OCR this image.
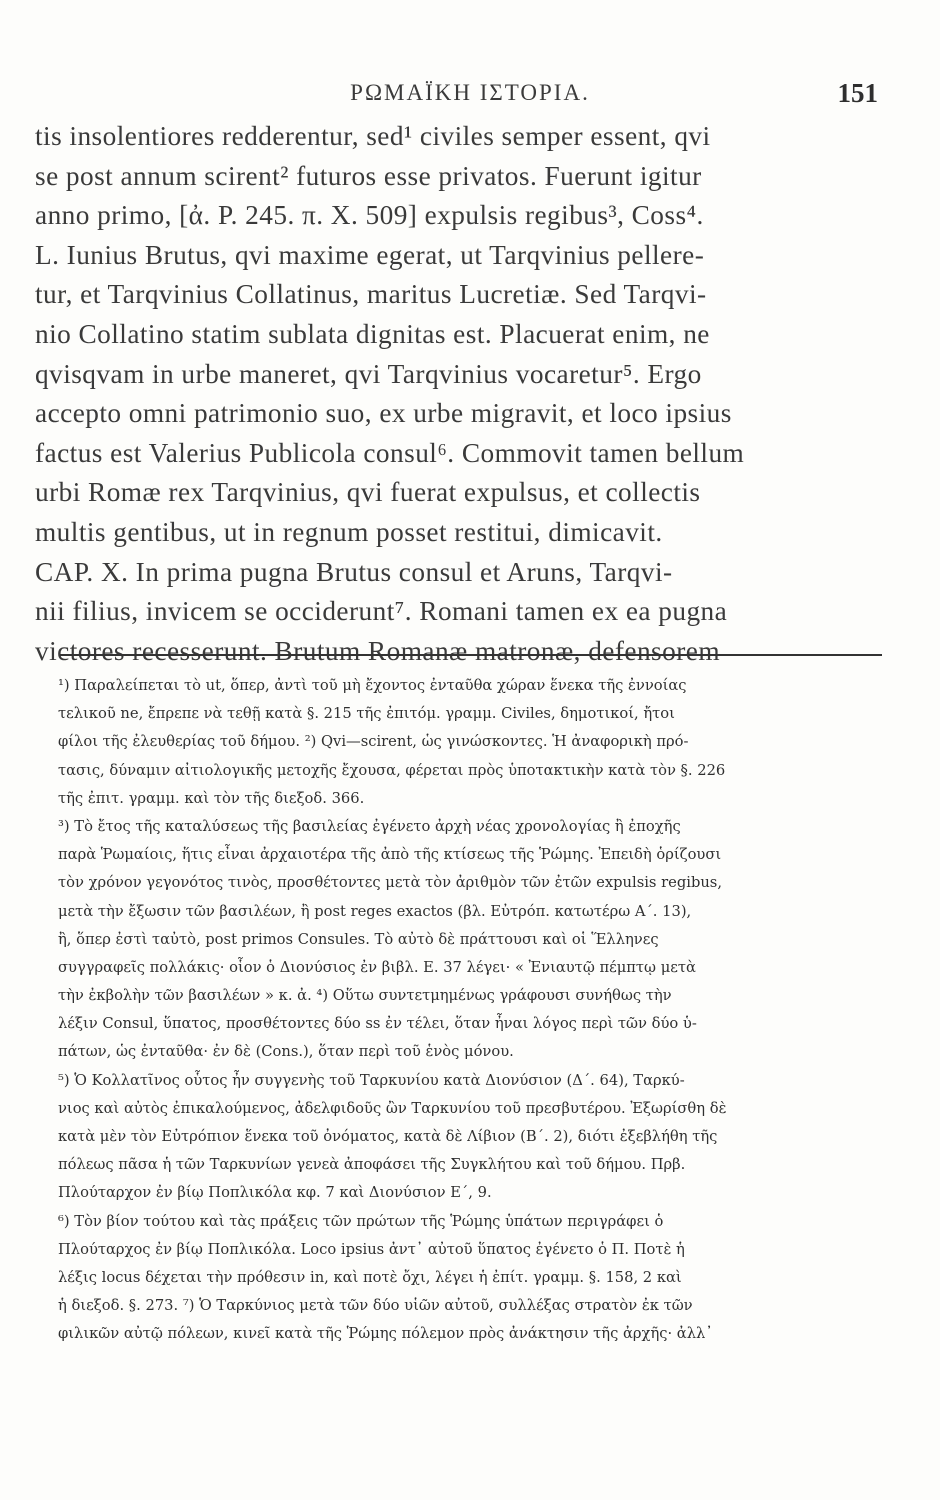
ΡΩΜΑΪΚΗ ΙΣΤΟΡΙΑ.	151
tis insolentiores redderentur, sed¹ civiles semper essent, qvi
se post annum scirent² futuros esse privatos. Fuerunt igitur
anno primo, [ἀ. Ρ. 245. π. Χ. 509] expulsis regibus³, Coss⁴.
L. Iunius Brutus, qvi maxime egerat, ut Tarqvinius pellere-
tur, et Tarqvinius Collatinus, maritus Lucretiæ. Sed Tarqvi-
nio Collatino statim sublata dignitas est. Placuerat enim, ne
qvisqvam in urbe maneret, qvi Tarqvinius vocaretur⁵. Ergo
accepto omni patrimonio suo, ex urbe migravit, et loco ipsius
factus est Valerius Publicola consul⁶. Commovit tamen bellum
urbi Romæ rex Tarqvinius, qvi fuerat expulsus, et collectis
multis gentibus, ut in regnum posset restitui, dimicavit.
CAP. X. In prima pugna Brutus consul et Aruns, Tarqvi-
nii filius, invicem se occiderunt⁷. Romani tamen ex ea pugna
victores recesserunt. Brutum Romanæ matronæ, defensorem
¹) Παραλείπεται τὸ ut, ὅπερ, ἀντὶ τοῦ μὴ ἔχοντος ἐνταῦθα χώραν ἕνεκα τῆς ἐννοίας
τελικοῦ ne, ἔπρεπε νὰ τεθῇ κατὰ §. 215 τῆς ἐπιτόμ. γραμμ. Civiles, δημοτικοί, ἤτοι
φίλοι τῆς ἐλευθερίας τοῦ δήμου. ²) Qvi—scirent, ὡς γινώσκοντες. Ἡ ἀναφορικὴ πρό-
τασις, δύναμιν αἰτιολογικῆς μετοχῆς ἔχουσα, φέρεται πρὸς ὑποτακτικὴν κατὰ τὸν §. 226
τῆς ἐπιτ. γραμμ. καὶ τὸν τῆς διεξοδ. 366.
³) Τὸ ἔτος τῆς καταλύσεως τῆς βασιλείας ἐγένετο ἀρχὴ νέας χρονολογίας ἢ ἐποχῆς
παρὰ Ῥωμαίοις, ἥτις εἶναι ἀρχαιοτέρα τῆς ἀπὸ τῆς κτίσεως τῆς Ῥώμης. Ἐπειδὴ ὁρίζουσι
τὸν χρόνον γεγονότος τινὸς, προσθέτοντες μετὰ τὸν ἀριθμὸν τῶν ἐτῶν expulsis regibus,
μετὰ τὴν ἔξωσιν τῶν βασιλέων, ἢ post reges exactos (βλ. Εὐτρόπ. κατωτέρω Α΄. 13),
ἢ, ὅπερ ἐστὶ ταὐτὸ, post primos Consules. Τὸ αὐτὸ δὲ πράττουσι καὶ οἱ Ἕλληνες
συγγραφεῖς πολλάκις· οἷον ὁ Διονύσιος ἐν βιβλ. Ε. 37 λέγει· « Ἐνιαυτῷ πέμπτῳ μετὰ
τὴν ἐκβολὴν τῶν βασιλέων » κ. ἀ. ⁴) Οὕτω συντετμημένως γράφουσι συνήθως τὴν
λέξιν Consul, ὕπατος, προσθέτοντες δύο ss ἐν τέλει, ὅταν ἦναι λόγος περὶ τῶν δύο ὑ-
πάτων, ὡς ἐνταῦθα· ἐν δὲ (Cons.), ὅταν περὶ τοῦ ἑνὸς μόνου.
⁵) Ὁ Κολλατῖνος οὗτος ἦν συγγενὴς τοῦ Ταρκυνίου κατὰ Διονύσιον (Δ΄. 64), Ταρκύ-
νιος καὶ αὐτὸς ἐπικαλούμενος, ἀδελφιδοῦς ὢν Ταρκυνίου τοῦ πρεσβυτέρου. Ἐξωρίσθη δὲ
κατὰ μὲν τὸν Εὐτρόπιον ἕνεκα τοῦ ὀνόματος, κατὰ δὲ Λίβιον (Β΄. 2), διότι ἐξεβλήθη τῆς
πόλεως πᾶσα ἡ τῶν Ταρκυνίων γενεὰ ἀποφάσει τῆς Συγκλήτου καὶ τοῦ δήμου. Πρβ.
Πλούταρχον ἐν βίῳ Ποπλικόλα κφ. 7 καὶ Διονύσιον Ε΄, 9.
⁶) Τὸν βίον τούτου καὶ τὰς πράξεις τῶν πρώτων τῆς Ῥώμης ὑπάτων περιγράφει ὁ
Πλούταρχος ἐν βίῳ Ποπλικόλα. Loco ipsius ἀντ᾽ αὐτοῦ ὕπατος ἐγένετο ὁ Π. Ποτὲ ἡ
λέξις locus δέχεται τὴν πρόθεσιν in, καὶ ποτὲ ὄχι, λέγει ἡ ἐπίτ. γραμμ. §. 158, 2 καὶ
ἡ διεξοδ. §. 273. ⁷) Ὁ Ταρκύνιος μετὰ τῶν δύο υἱῶν αὐτοῦ, συλλέξας στρατὸν ἐκ τῶν
φιλικῶν αὐτῷ πόλεων, κινεῖ κατὰ τῆς Ῥώμης πόλεμον πρὸς ἀνάκτησιν τῆς ἀρχῆς· ἀλλ᾽
